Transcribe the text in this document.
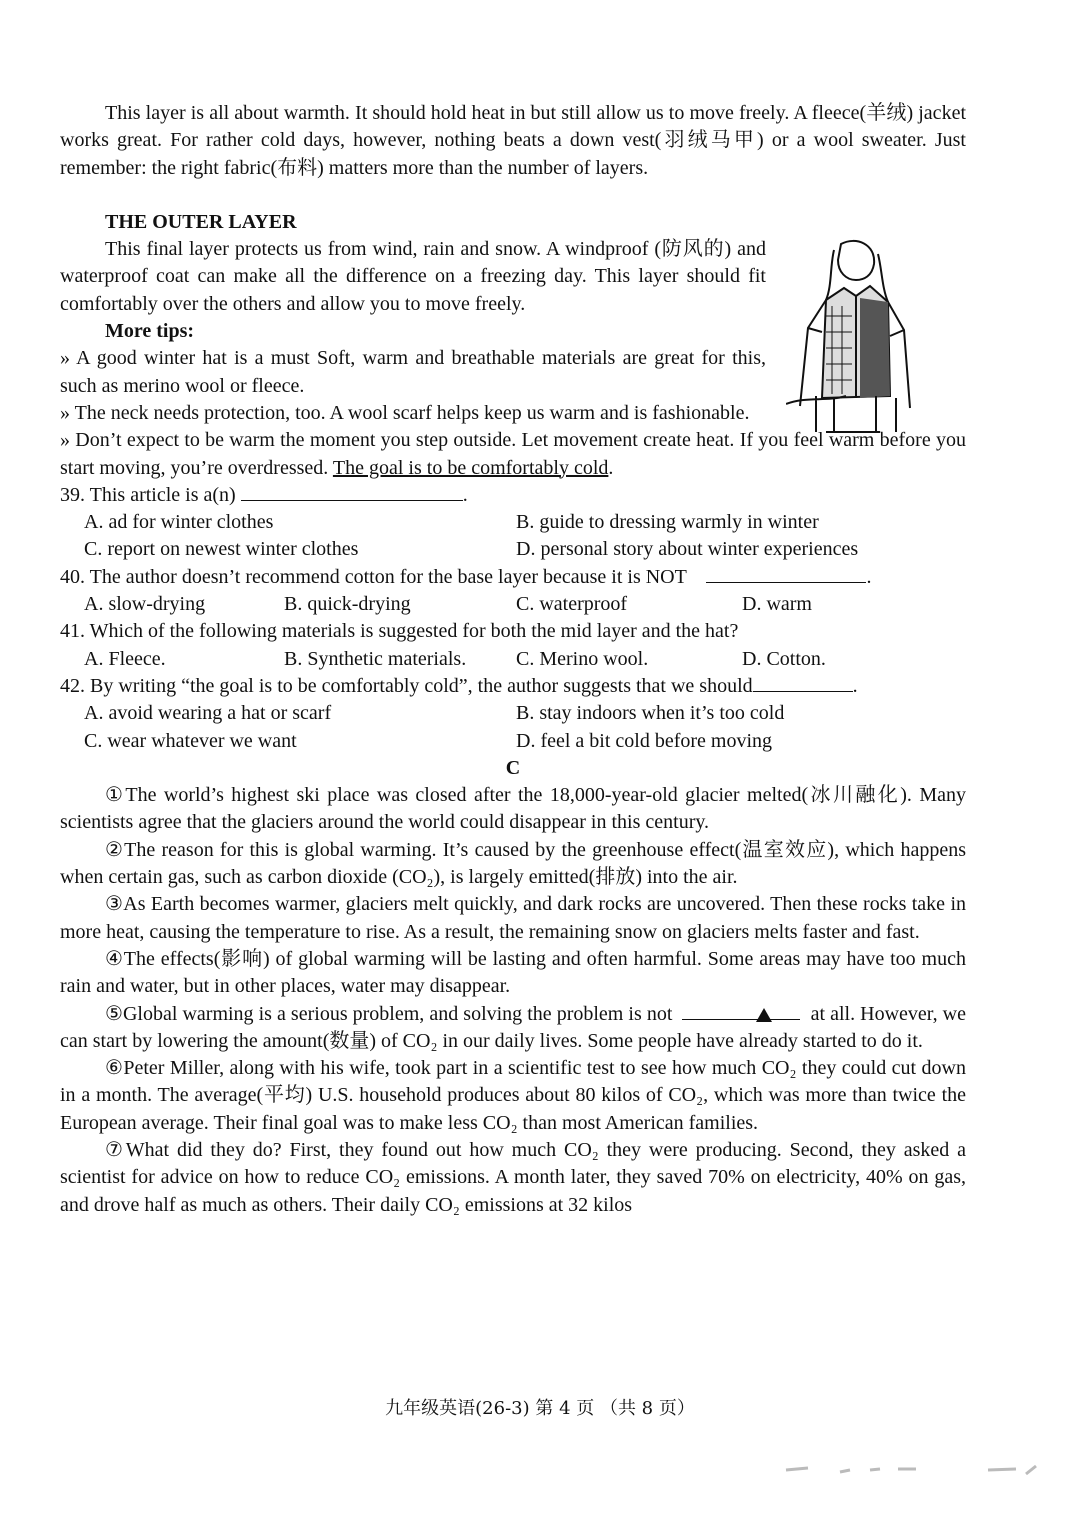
This layer is all about warmth. It should hold heat in but still allow us to move freely. A fleece(羊绒) jacket works great. For rather cold days, however, nothing beats a down vest(羽绒马甲) or a wool sweater. Just remember: the right fabric(布料) matters more than the number of layers.

THE OUTER LAYER

This final layer protects us from wind, rain and snow. A windproof (防风的) and waterproof coat can make all the difference on a freezing day. This layer should fit comfortably over the others and allow you to move freely.

More tips:

» A good winter hat is a must Soft, warm and breathable materials are great for this, such as merino wool or fleece.

» The neck needs protection, too. A wool scarf helps keep us warm and is fashionable.

» Don’t expect to be warm the moment you step outside. Let movement create heat. If you feel warm before you start moving, you’re overdressed. The goal is to be comfortably cold.

39. This article is a(n)	.

A. ad for winter clothes	B. guide to dressing warmly in winter
C. report on newest winter clothes	D. personal story about winter experiences

40. The author doesn’t recommend cotton for the base layer because it is NOT	.

A. slow-drying	B. quick-drying	C. waterproof	D. warm

41. Which of the following materials is suggested for both the mid layer and the hat?

A. Fleece.	B. Synthetic materials.	C. Merino wool.	D. Cotton.

42. By writing “the goal is to be comfortably cold”, the author suggests that we should	.

A. avoid wearing a hat or scarf	B. stay indoors when it’s too cold
C. wear whatever we want	D. feel a bit cold before moving

C

①The world’s highest ski place was closed after the 18,000-year-old glacier melted(冰川融化). Many scientists agree that the glaciers around the world could disappear in this century.

②The reason for this is global warming. It’s caused by the greenhouse effect(温室效应), which happens when certain gas, such as carbon dioxide (CO₂), is largely emitted(排放) into the air.

③As Earth becomes warmer, glaciers melt quickly, and dark rocks are uncovered. Then these rocks take in more heat, causing the temperature to rise. As a result, the remaining snow on glaciers melts faster and fast.

④The effects(影响) of global warming will be lasting and often harmful. Some areas may have too much rain and water, but in other places, water may disappear.

⑤Global warming is a serious problem, and solving the problem is not	at all. However, we can start by lowering the amount(数量) of CO₂ in our daily lives. Some people have already started to do it.

⑥Peter Miller, along with his wife, took part in a scientific test to see how much CO₂ they could cut down in a month. The average(平均) U.S. household produces about 80 kilos of CO₂, which was more than twice the European average. Their final goal was to make less CO₂ than most American families.

⑦What did they do? First, they found out how much CO₂ they were producing. Second, they asked a scientist for advice on how to reduce CO₂ emissions. A month later, they saved 70% on electricity, 40% on gas, and drove half as much as others. Their daily CO₂ emissions at 32 kilos

九年级英语(26-3) 第 4 页 （共 8 页）
